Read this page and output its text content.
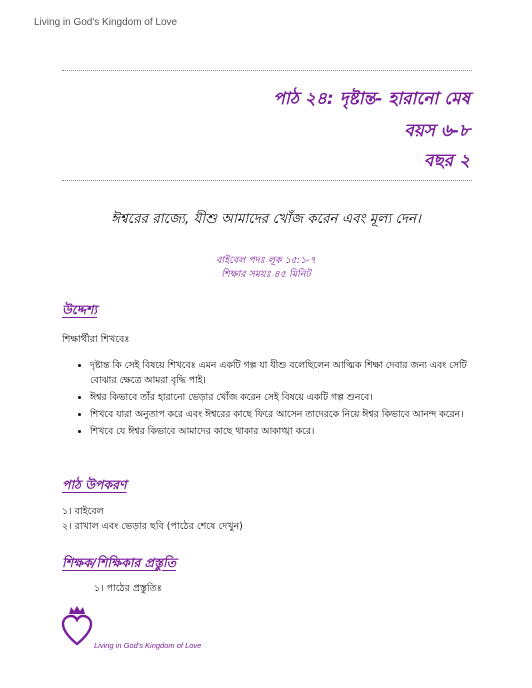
Living in God's Kingdom of Love
পাঠ ২৪: দৃষ্টান্ত- হারানো মেষ
বয়স ৬-৮
বছর ২
ঈশ্বরের রাজ্যে, যীশু আমাদের খোঁজ করেন এবং মূল্য দেন।
বাইবেল পদঃ লূক ১৫:১-৭
শিক্ষার সময়ঃ ৪৫ মিনিট
উদ্দেশ্য
শিক্ষার্থীরা শিখবেঃ
• দৃষ্টান্ত কি সেই বিষয়ে শিখবেঃ এমন একটি গল্প যা যীশু বলেছিলেন আত্মিক শিক্ষা দেবার জন্য এবং সেটি বোঝার ক্ষেত্রে আমরা বৃদ্ধি পাই।
• ঈশ্বর কিভাবে তাঁর হারানো ভেড়ার খোঁজ করেন সেই বিষয়ে একটি গল্প শুনবে।
• শিখবে যারা অনুতাপ করে এবং ঈশ্বরের কাছে ফিরে আসেন তাদেরকে নিয়ে ঈশ্বর কিভাবে আনন্দ করেন।
• শিখবে যে ঈশ্বর কিভাবে আমাদের কাছে থাকার আকাঙ্খা করে।
পাঠ উপকরণ
১। বাইবেল
২। রাখাল এবং ভেড়ার ছবি (পাঠের শেষে দেখুন)
শিক্ষক/শিক্ষিকার প্রস্তুতি
১। পাঠের প্রস্তুতিঃ
Living in God's Kingdom of Love
